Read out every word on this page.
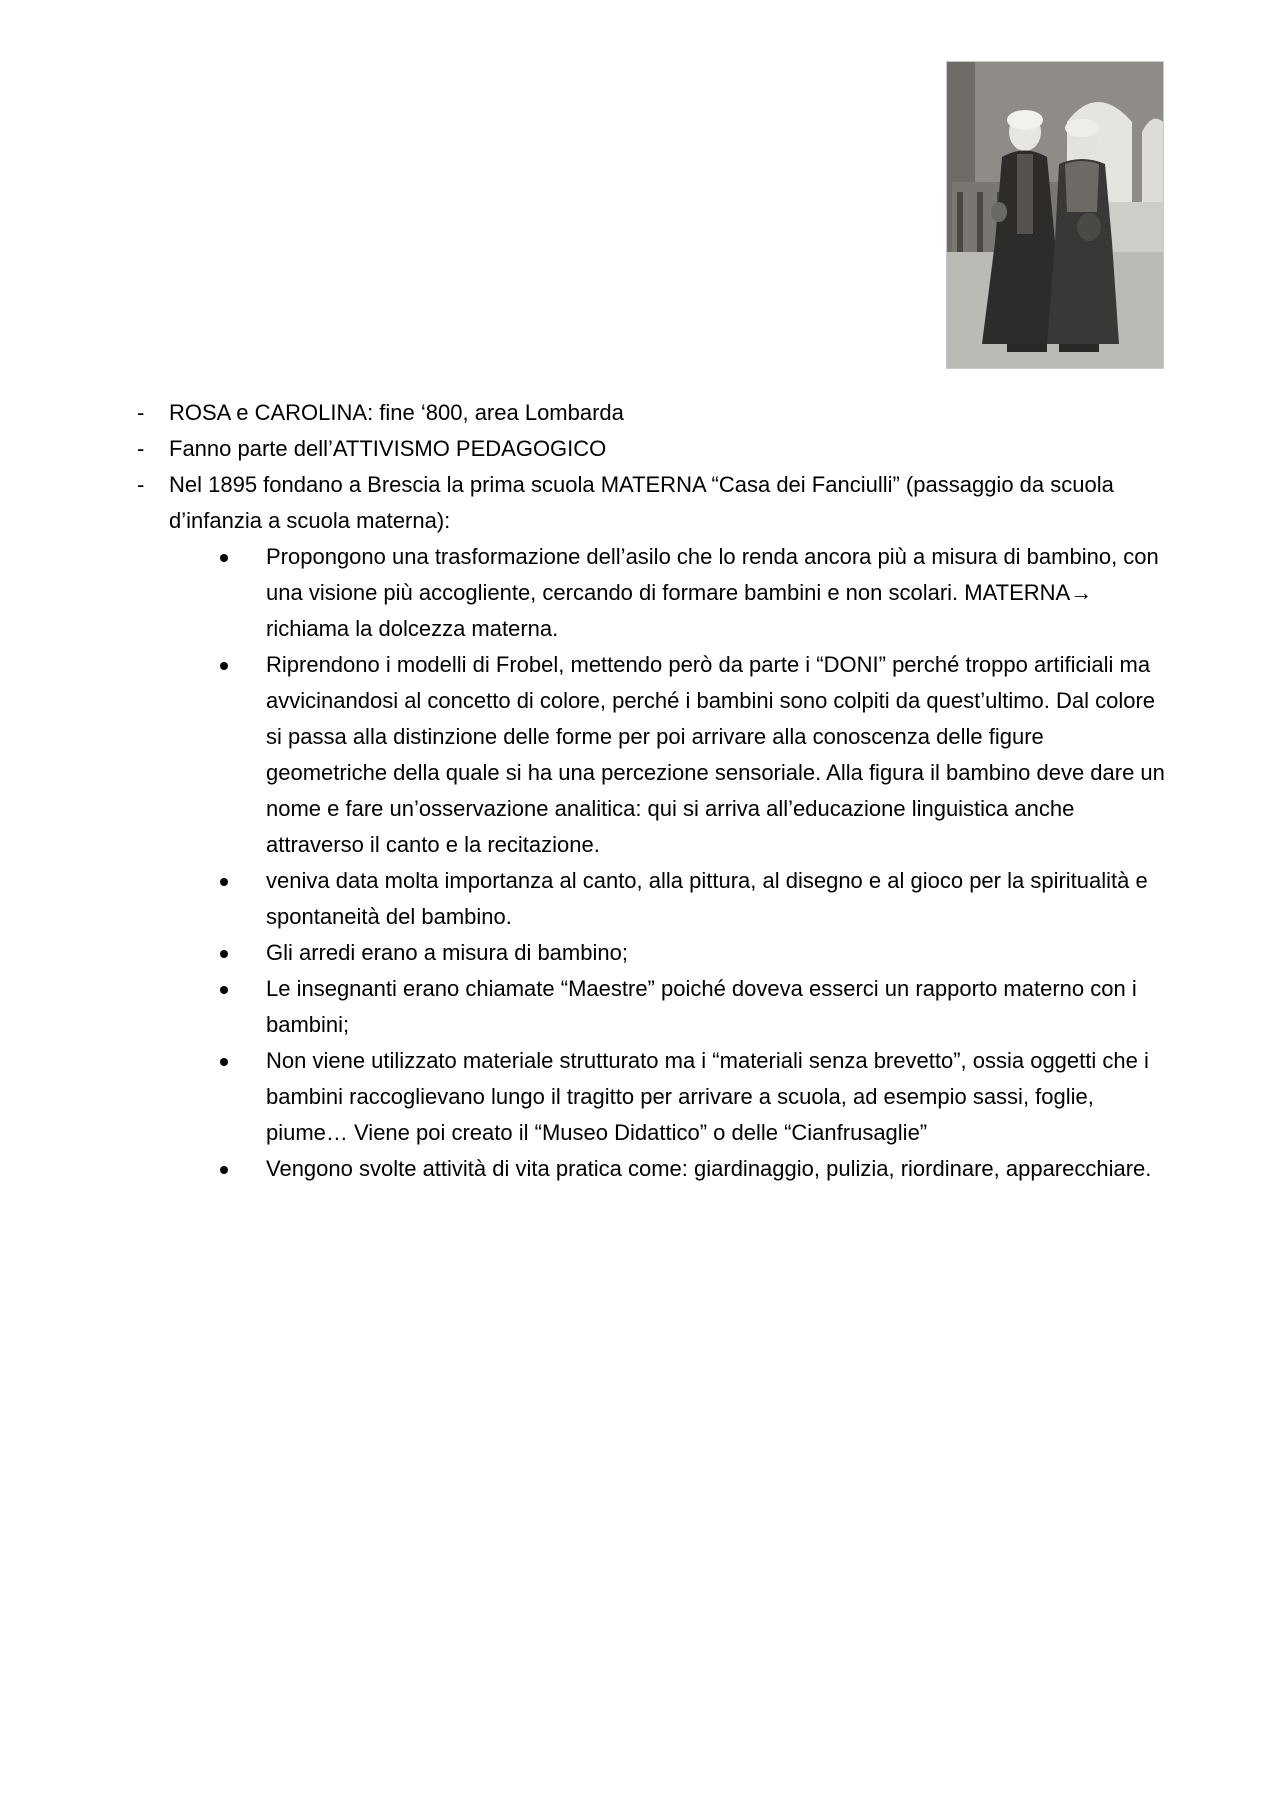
- ROSA e CAROLINA: fine ‘800, area Lombarda
- Fanno parte dell’ATTIVISMO PEDAGOGICO
- Nel 1895 fondano a Brescia la prima scuola MATERNA “Casa dei Fanciulli” (passaggio da scuola d’infanzia a scuola materna):
Propongono una trasformazione dell’asilo che lo renda ancora più a misura di bambino, con una visione più accogliente, cercando di formare bambini e non scolari. MATERNA→ richiama la dolcezza materna.
Riprendono i modelli di Frobel, mettendo però da parte i “DONI” perché troppo artificiali ma avvicinandosi al concetto di colore, perché i bambini sono colpiti da quest’ultimo. Dal colore si passa alla distinzione delle forme per poi arrivare alla conoscenza delle figure geometriche della quale si ha una percezione sensoriale. Alla figura il bambino deve dare un nome e fare un’osservazione analitica: qui si arriva all’educazione linguistica anche attraverso il canto e la recitazione.
veniva data molta importanza al canto, alla pittura, al disegno e al gioco per la spiritualità e spontaneità del bambino.
Gli arredi erano a misura di bambino;
Le insegnanti erano chiamate “Maestre” poiché doveva esserci un rapporto materno con i bambini;
Non viene utilizzato materiale strutturato ma i “materiali senza brevetto”, ossia oggetti che i bambini raccoglievano lungo il tragitto per arrivare a scuola, ad esempio sassi, foglie, piume… Viene poi creato il “Museo Didattico” o delle “Cianfrusaglie”
Vengono svolte attività di vita pratica come: giardinaggio, pulizia, riordinare, apparecchiare.
